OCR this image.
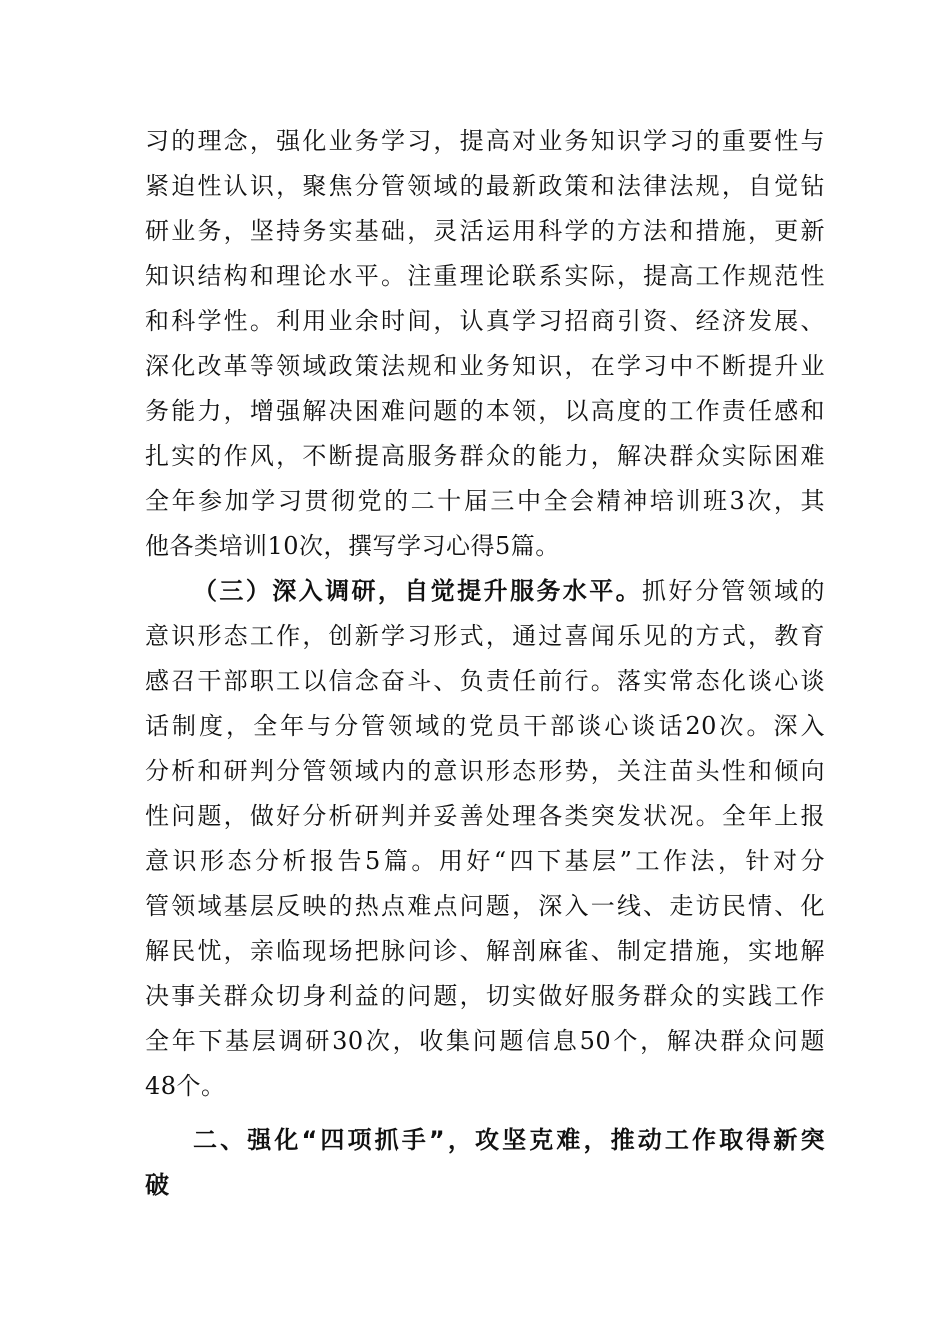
习的理念，强化业务学习，提高对业务知识学习的重要性与
紧迫性认识，聚焦分管领域的最新政策和法律法规，自觉钻
研业务，坚持务实基础，灵活运用科学的方法和措施，更新
知识结构和理论水平。注重理论联系实际，提高工作规范性
和科学性。利用业余时间，认真学习招商引资、经济发展、
深化改革等领域政策法规和业务知识，在学习中不断提升业
务能力，增强解决困难问题的本领，以高度的工作责任感和
扎实的作风，不断提高服务群众的能力，解决群众实际困难
全年参加学习贯彻党的二十届三中全会精神培训班3次，其
他各类培训10次，撰写学习心得5篇。
（三）深入调研，自觉提升服务水平。抓好分管领域的
意识形态工作，创新学习形式，通过喜闻乐见的方式，教育
感召干部职工以信念奋斗、负责任前行。落实常态化谈心谈
话制度，全年与分管领域的党员干部谈心谈话20次。深入
分析和研判分管领域内的意识形态形势，关注苗头性和倾向
性问题，做好分析研判并妥善处理各类突发状况。全年上报
意识形态分析报告5篇。用好“四下基层”工作法，针对分
管领域基层反映的热点难点问题，深入一线、走访民情、化
解民忧，亲临现场把脉问诊、解剖麻雀、制定措施，实地解
决事关群众切身利益的问题，切实做好服务群众的实践工作
全年下基层调研30次，收集问题信息50个，解决群众问题
48个。
二、强化“四项抓手”，攻坚克难，推动工作取得新突
破
